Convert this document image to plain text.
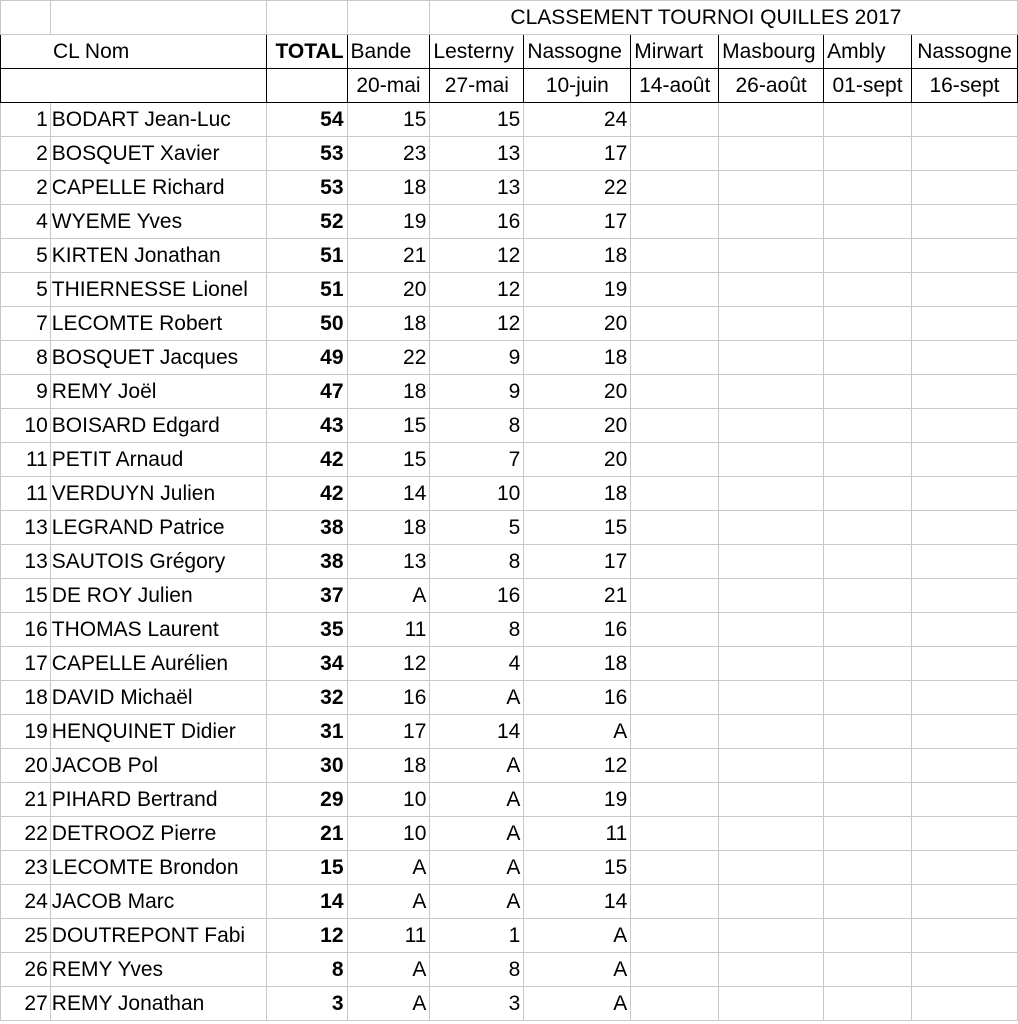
				CLASSEMENT TOURNOI QUILLES 2017					
CL Nom		TOTAL	Bande	Lesterny	Nassogne	Mirwart	Masbourg	Ambly	Nassogne
			20-mai	27-mai	10-juin	14-août	26-août	01-sept	16-sept
1	BODART Jean-Luc	54	15	15	24				
2	BOSQUET Xavier	53	23	13	17				
2	CAPELLE Richard	53	18	13	22				
4	WYEME Yves	52	19	16	17				
5	KIRTEN Jonathan	51	21	12	18				
5	THIERNESSE Lionel	51	20	12	19				
7	LECOMTE Robert	50	18	12	20				
8	BOSQUET Jacques	49	22	9	18				
9	REMY Joël	47	18	9	20				
10	BOISARD Edgard	43	15	8	20				
11	PETIT Arnaud	42	15	7	20				
11	VERDUYN Julien	42	14	10	18				
13	LEGRAND Patrice	38	18	5	15				
13	SAUTOIS Grégory	38	13	8	17				
15	DE ROY Julien	37	A	16	21				
16	THOMAS Laurent	35	11	8	16				
17	CAPELLE Aurélien	34	12	4	18				
18	DAVID Michaël	32	16	A	16				
19	HENQUINET Didier	31	17	14	A				
20	JACOB Pol	30	18	A	12				
21	PIHARD Bertrand	29	10	A	19				
22	DETROOZ Pierre	21	10	A	11				
23	LECOMTE Brondon	15	A	A	15				
24	JACOB Marc	14	A	A	14				
25	DOUTREPONT Fabi	12	11	1	A				
26	REMY Yves	8	A	8	A				
27	REMY Jonathan	3	A	3	A				
